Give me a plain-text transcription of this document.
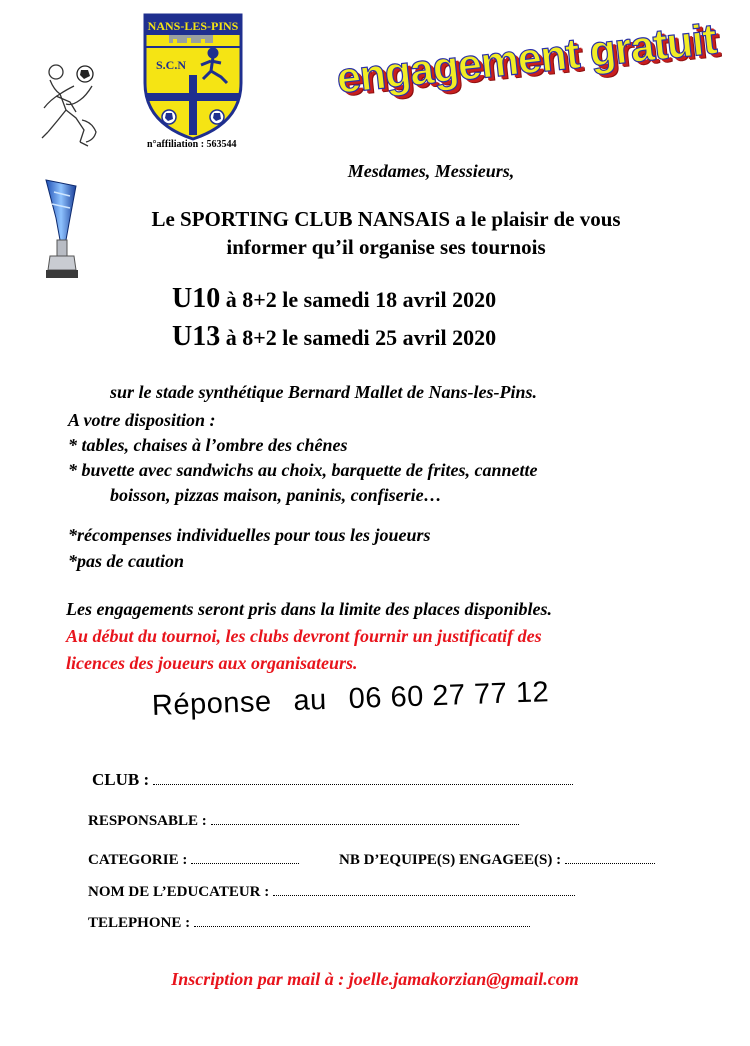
NANS-LES-PINS
S.C.N
n°affiliation : 563544
engagement gratuit
Mesdames, Messieurs,
Le SPORTING CLUB NANSAIS a le plaisir de vous
informer qu’il organise ses tournois
U10 à 8+2 le samedi 18 avril 2020
U13 à 8+2 le samedi 25 avril 2020
sur le stade synthétique Bernard Mallet de Nans-les-Pins.
A votre disposition :
* tables, chaises à l’ombre des chênes
* buvette avec sandwichs au choix, barquette de frites, cannette
boisson, pizzas maison, paninis, confiserie…
*récompenses individuelles pour tous les joueurs
*pas de caution
Les engagements seront pris dans la limite des places disponibles.
Au début du tournoi, les clubs devront fournir un justificatif des
licences des joueurs aux organisateurs.
Réponse au 06 60 27 77 12
CLUB :
RESPONSABLE :
CATEGORIE :	NB D’EQUIPE(S) ENGAGEE(S) :
NOM DE L’EDUCATEUR :
TELEPHONE :
Inscription par mail à : joelle.jamakorzian@gmail.com
